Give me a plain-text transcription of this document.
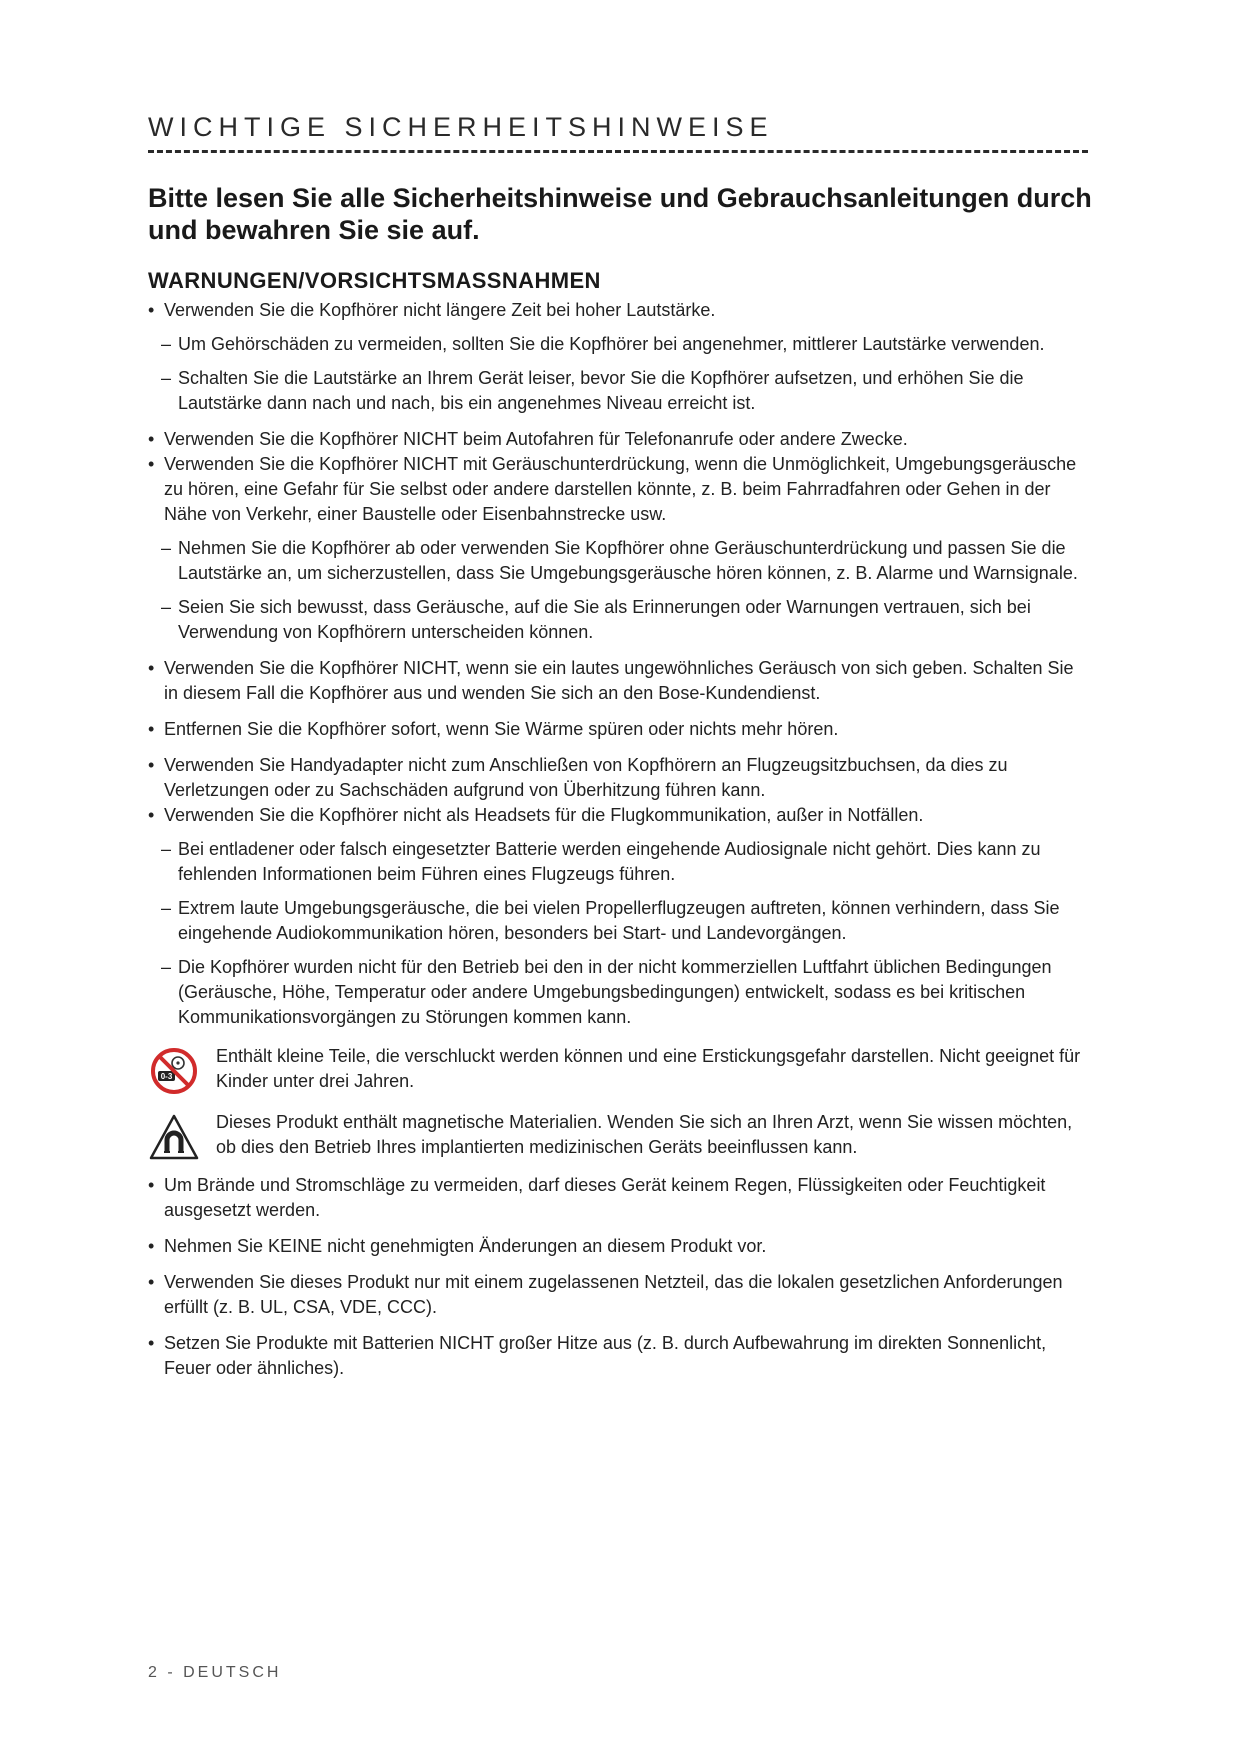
WICHTIGE SICHERHEITSHINWEISE
Bitte lesen Sie alle Sicherheitshinweise und Gebrauchsanleitungen durch und bewahren Sie sie auf.
WARNUNGEN/VORSICHTSMASSNAHMEN
• Verwenden Sie die Kopfhörer nicht längere Zeit bei hoher Lautstärke.
– Um Gehörschäden zu vermeiden, sollten Sie die Kopfhörer bei angenehmer, mittlerer Lautstärke verwenden.
– Schalten Sie die Lautstärke an Ihrem Gerät leiser, bevor Sie die Kopfhörer aufsetzen, und erhöhen Sie die Lautstärke dann nach und nach, bis ein angenehmes Niveau erreicht ist.
• Verwenden Sie die Kopfhörer NICHT beim Autofahren für Telefonanrufe oder andere Zwecke.
• Verwenden Sie die Kopfhörer NICHT mit Geräuschunterdrückung, wenn die Unmöglichkeit, Umgebungsgeräusche zu hören, eine Gefahr für Sie selbst oder andere darstellen könnte, z. B. beim Fahrradfahren oder Gehen in der Nähe von Verkehr, einer Baustelle oder Eisenbahnstrecke usw.
– Nehmen Sie die Kopfhörer ab oder verwenden Sie Kopfhörer ohne Geräuschunterdrückung und passen Sie die Lautstärke an, um sicherzustellen, dass Sie Umgebungsgeräusche hören können, z. B. Alarme und Warnsignale.
– Seien Sie sich bewusst, dass Geräusche, auf die Sie als Erinnerungen oder Warnungen vertrauen, sich bei Verwendung von Kopfhörern unterscheiden können.
• Verwenden Sie die Kopfhörer NICHT, wenn sie ein lautes ungewöhnliches Geräusch von sich geben. Schalten Sie in diesem Fall die Kopfhörer aus und wenden Sie sich an den Bose-Kundendienst.
• Entfernen Sie die Kopfhörer sofort, wenn Sie Wärme spüren oder nichts mehr hören.
• Verwenden Sie Handyadapter nicht zum Anschließen von Kopfhörern an Flugzeugsitzbuchsen, da dies zu Verletzungen oder zu Sachschäden aufgrund von Überhitzung führen kann.
• Verwenden Sie die Kopfhörer nicht als Headsets für die Flugkommunikation, außer in Notfällen.
– Bei entladener oder falsch eingesetzter Batterie werden eingehende Audiosignale nicht gehört. Dies kann zu fehlenden Informationen beim Führen eines Flugzeugs führen.
– Extrem laute Umgebungsgeräusche, die bei vielen Propellerflugzeugen auftreten, können verhindern, dass Sie eingehende Audiokommunikation hören, besonders bei Start- und Landevorgängen.
– Die Kopfhörer wurden nicht für den Betrieb bei den in der nicht kommerziellen Luftfahrt üblichen Bedingungen (Geräusche, Höhe, Temperatur oder andere Umgebungsbedingungen) entwickelt, sodass es bei kritischen Kommunikationsvorgängen zu Störungen kommen kann.
0-3
Enthält kleine Teile, die verschluckt werden können und eine Erstickungsgefahr darstellen. Nicht geeignet für Kinder unter drei Jahren.
Dieses Produkt enthält magnetische Materialien. Wenden Sie sich an Ihren Arzt, wenn Sie wissen möchten, ob dies den Betrieb Ihres implantierten medizinischen Geräts beeinflussen kann.
• Um Brände und Stromschläge zu vermeiden, darf dieses Gerät keinem Regen, Flüssigkeiten oder Feuchtigkeit ausgesetzt werden.
• Nehmen Sie KEINE nicht genehmigten Änderungen an diesem Produkt vor.
• Verwenden Sie dieses Produkt nur mit einem zugelassenen Netzteil, das die lokalen gesetzlichen Anforderungen erfüllt (z. B. UL, CSA, VDE, CCC).
• Setzen Sie Produkte mit Batterien NICHT großer Hitze aus (z. B. durch Aufbewahrung im direkten Sonnenlicht, Feuer oder ähnliches).
2 - DEUTSCH
